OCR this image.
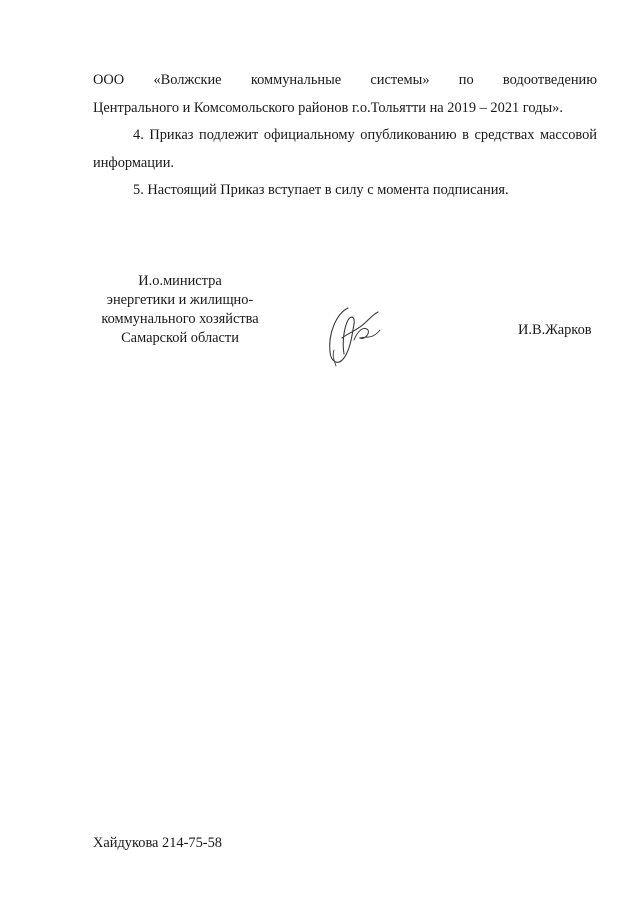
ООО «Волжские коммунальные системы» по водоотведению
Центрального и Комсомольского районов г.о.Тольятти на 2019 – 2021 годы».

4. Приказ подлежит официальному опубликованию в средствах массовой информации.

5. Настоящий Приказ вступает в силу с момента подписания.

И.о.министра
энергетики и жилищно-
коммунального хозяйства
Самарской области	И.В.Жарков
Хайдукова 214-75-58
